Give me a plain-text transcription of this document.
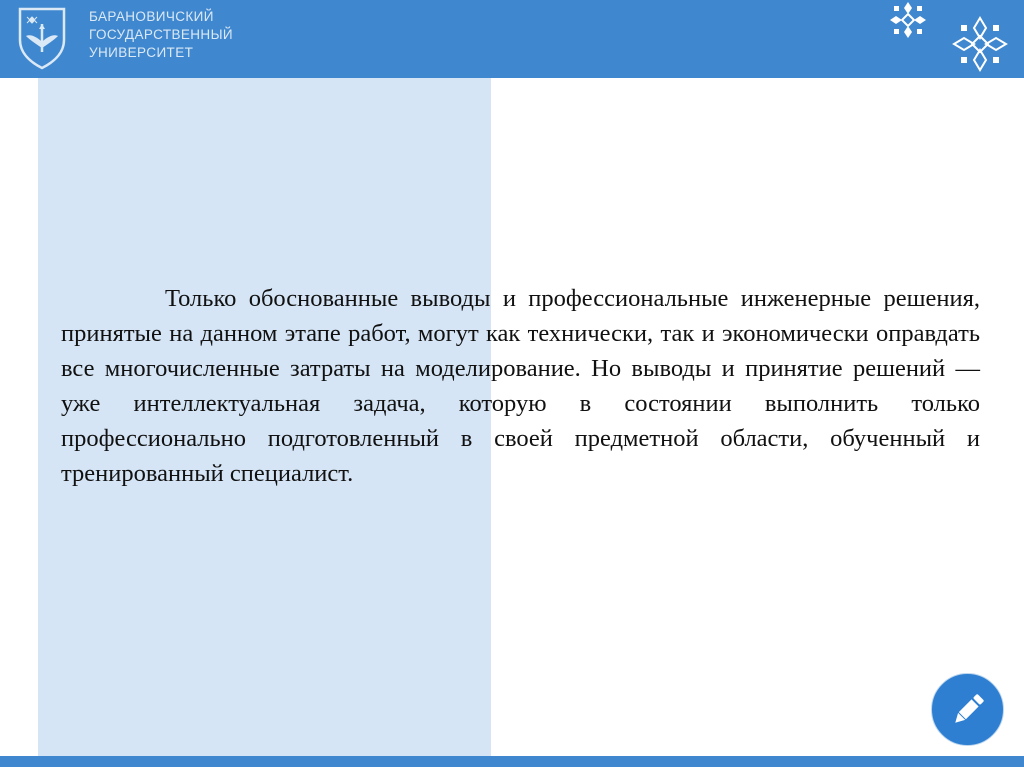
БАРАНОВИЧСКИЙ
ГОСУДАРСТВЕННЫЙ
УНИВЕРСИТЕТ

Только обоснованные выводы и профессиональные инженерные решения, принятые на данном этапе работ, могут как технически, так и экономически оправдать все многочисленные затраты на моделирование. Но выводы и принятие решений — уже интеллектуальная задача, которую в состоянии выполнить только профессионально подготовленный в своей предметной области, обученный и тренированный специалист.
